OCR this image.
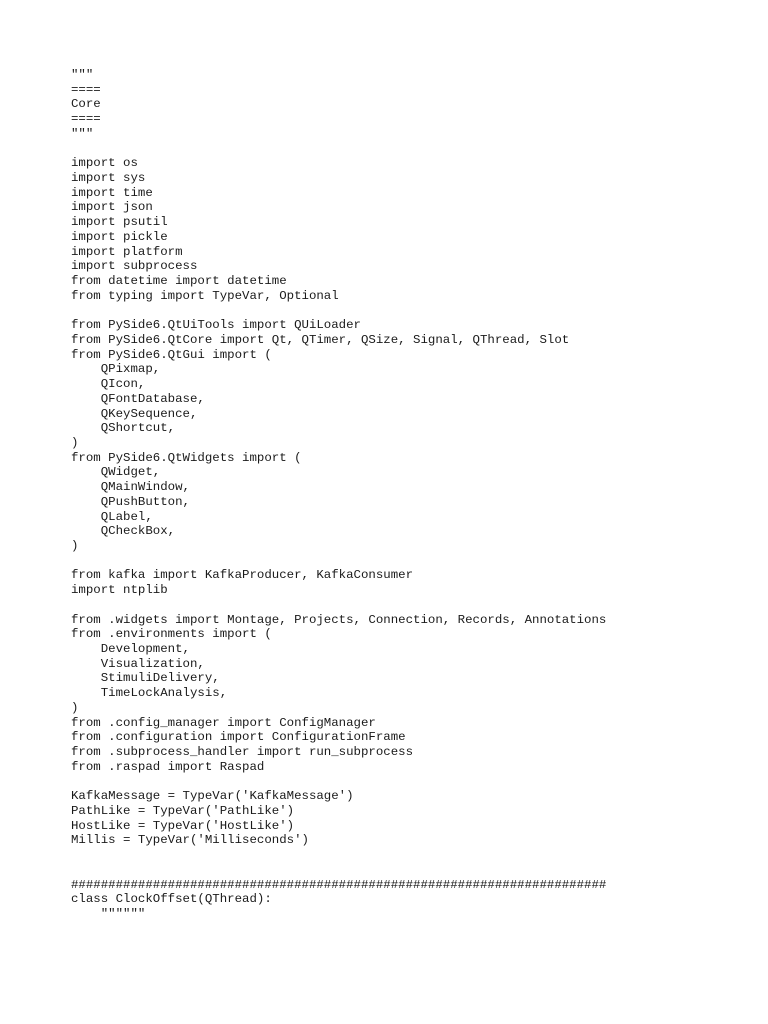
"""
====
Core
====
"""
import os
import sys
import time
import json
import psutil
import pickle
import platform
import subprocess
from datetime import datetime
from typing import TypeVar, Optional
from PySide6.QtUiTools import QUiLoader
from PySide6.QtCore import Qt, QTimer, QSize, Signal, QThread, Slot
from PySide6.QtGui import (
QPixmap,
QIcon,
QFontDatabase,
QKeySequence,
QShortcut,
)
from PySide6.QtWidgets import (
QWidget,
QMainWindow,
QPushButton,
QLabel,
QCheckBox,
)
from kafka import KafkaProducer, KafkaConsumer
import ntplib
from .widgets import Montage, Projects, Connection, Records, Annotations
from .environments import (
Development,
Visualization,
StimuliDelivery,
TimeLockAnalysis,
)
from .config_manager import ConfigManager
from .configuration import ConfigurationFrame
from .subprocess_handler import run_subprocess
from .raspad import Raspad
KafkaMessage = TypeVar('KafkaMessage')
PathLike = TypeVar('PathLike')
HostLike = TypeVar('HostLike')
Millis = TypeVar('Milliseconds')
########################################################################
class ClockOffset(QThread):
""""""
